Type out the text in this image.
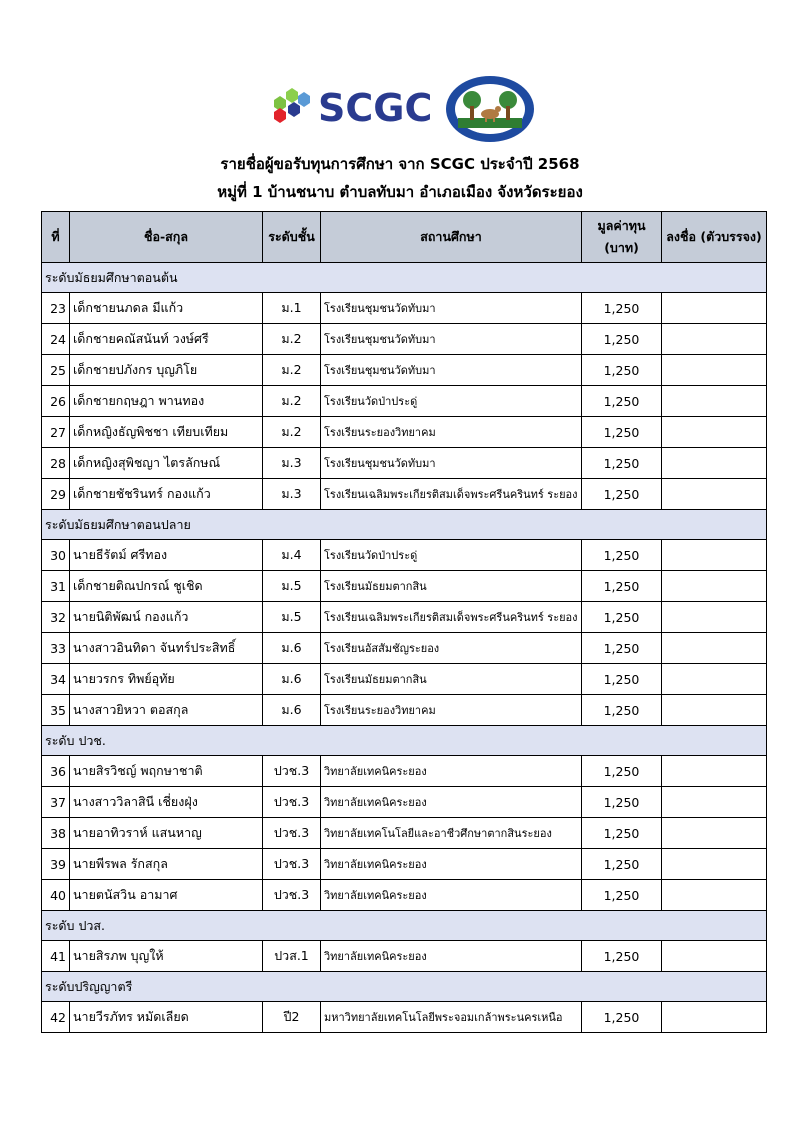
SCGC
รายชื่อผู้ขอรับทุนการศึกษา จาก SCGC ประจำปี 2568
หมู่ที่ 1 บ้านชนาบ ตำบลทับมา อำเภอเมือง จังหวัดระยอง
ที่	ชื่อ-สกุล	ระดับชั้น	สถานศึกษา	มูลค่าทุน (บาท)	ลงชื่อ (ตัวบรรจง)
ระดับมัธยมศึกษาตอนต้น					
23	เด็กชายนภดล มีแก้ว	ม.1	โรงเรียนชุมชนวัดทับมา	1,250	
24	เด็กชายคณัสนันท์ วงษ์ศรี	ม.2	โรงเรียนชุมชนวัดทับมา	1,250	
25	เด็กชายปภังกร บุญภิโย	ม.2	โรงเรียนชุมชนวัดทับมา	1,250	
26	เด็กชายกฤษฎา พานทอง	ม.2	โรงเรียนวัดป่าประดู่	1,250	
27	เด็กหญิงธัญพิชชา เทียบเทียม	ม.2	โรงเรียนระยองวิทยาคม	1,250	
28	เด็กหญิงสุพิชญา ไตรลักษณ์	ม.3	โรงเรียนชุมชนวัดทับมา	1,250	
29	เด็กชายชัชรินทร์ กองแก้ว	ม.3	โรงเรียนเฉลิมพระเกียรติสมเด็จพระศรีนครินทร์ ระยอง	1,250	
ระดับมัธยมศึกษาตอนปลาย					
30	นายธีรัตม์ ศรีทอง	ม.4	โรงเรียนวัดป่าประดู่	1,250	
31	เด็กชายติณปกรณ์ ชูเชิด	ม.5	โรงเรียนมัธยมตากสิน	1,250	
32	นายนิติพัฒน์ กองแก้ว	ม.5	โรงเรียนเฉลิมพระเกียรติสมเด็จพระศรีนครินทร์ ระยอง	1,250	
33	นางสาวอินทิดา จันทร์ประสิทธิ์	ม.6	โรงเรียนอัสสัมชัญระยอง	1,250	
34	นายวรกร ทิพย์อุทัย	ม.6	โรงเรียนมัธยมตากสิน	1,250	
35	นางสาวยิหวา ตอสกุล	ม.6	โรงเรียนระยองวิทยาคม	1,250	
ระดับ ปวช.					
36	นายสิรวิชญ์ พฤกษาชาติ	ปวช.3	วิทยาลัยเทคนิคระยอง	1,250	
37	นางสาววิลาสินี เชี่ยงฝุ่ง	ปวช.3	วิทยาลัยเทคนิคระยอง	1,250	
38	นายอาทิวราห์ แสนหาญ	ปวช.3	วิทยาลัยเทคโนโลยีและอาชีวศึกษาตากสินระยอง	1,250	
39	นายพีรพล รักสกุล	ปวช.3	วิทยาลัยเทคนิคระยอง	1,250	
40	นายตนัสวิน อามาศ	ปวช.3	วิทยาลัยเทคนิคระยอง	1,250	
ระดับ ปวส.					
41	นายสิรภพ บุญให้	ปวส.1	วิทยาลัยเทคนิคระยอง	1,250	
ระดับปริญญาตรี					
42	นายวีรภัทร หมัดเลียด	ปี2	มหาวิทยาลัยเทคโนโลยีพระจอมเกล้าพระนครเหนือ	1,250	
